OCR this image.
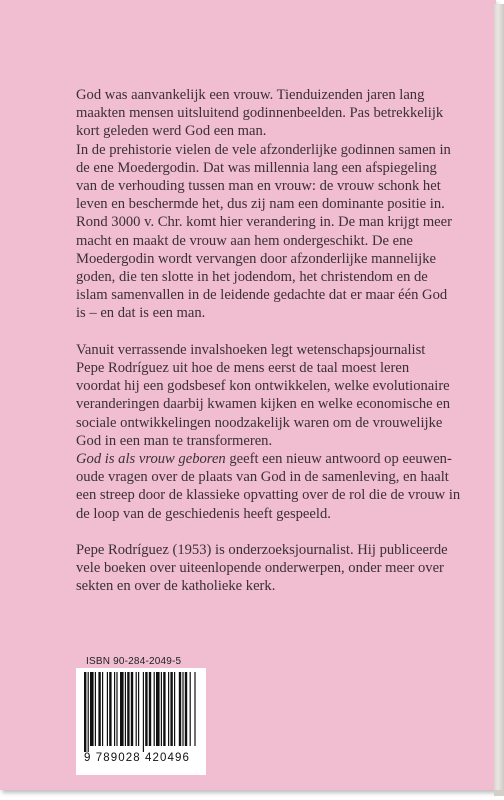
God was aanvankelijk een vrouw. Tienduizenden jaren lang
maakten mensen uitsluitend godinnenbeelden. Pas betrekkelijk
kort geleden werd God een man.

In de prehistorie vielen de vele afzonderlijke godinnen samen in
de ene Moedergodin. Dat was millennia lang een afspiegeling
van de verhouding tussen man en vrouw: de vrouw schonk het
leven en beschermde het, dus zij nam een dominante positie in.
Rond 3000 v. Chr. komt hier verandering in. De man krijgt meer
macht en maakt de vrouw aan hem ondergeschikt. De ene
Moedergodin wordt vervangen door afzonderlijke mannelijke
goden, die ten slotte in het jodendom, het christendom en de
islam samenvallen in de leidende gedachte dat er maar één God
is – en dat is een man.

Vanuit verrassende invalshoeken legt wetenschapsjournalist
Pepe Rodríguez uit hoe de mens eerst de taal moest leren
voordat hij een godsbesef kon ontwikkelen, welke evolutionaire
veranderingen daarbij kwamen kijken en welke economische en
sociale ontwikkelingen noodzakelijk waren om de vrouwelijke
God in een man te transformeren.

God is als vrouw geboren geeft een nieuw antwoord op eeuwen-
oude vragen over de plaats van God in de samenleving, en haalt
een streep door de klassieke opvatting over de rol die de vrouw in
de loop van de geschiedenis heeft gespeeld.

Pepe Rodríguez (1953) is onderzoeksjournalist. Hij publiceerde
vele boeken over uiteenlopende onderwerpen, onder meer over
sekten en over de katholieke kerk.

ISBN 90-284-2049-5
9 789028 420496
